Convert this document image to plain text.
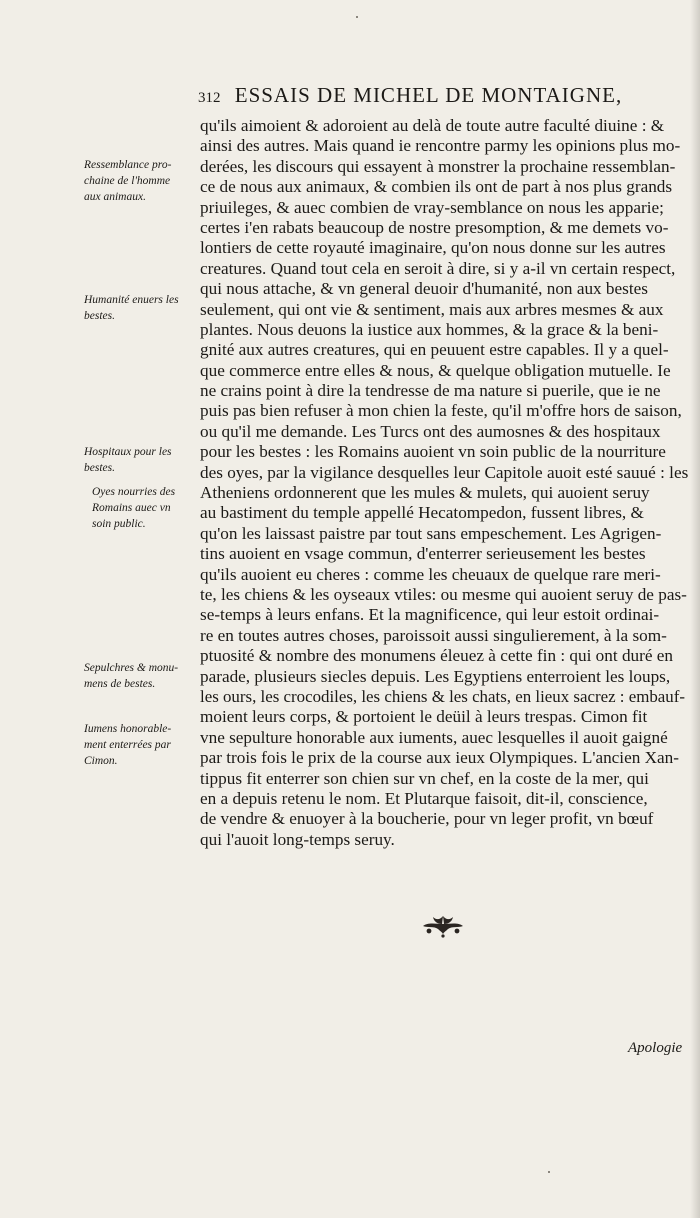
312 ESSAIS DE MICHEL DE MONTAIGNE,
qu'ils aimoient & adoroient au delà de toute autre faculté diuine : &
ainsi des autres. Mais quand ie rencontre parmy les opinions plus mo-
derées, les discours qui essayent à monstrer la prochaine ressemblan-
ce de nous aux animaux, & combien ils ont de part à nos plus grands
priuileges, & auec combien de vray-semblance on nous les apparie;
certes i'en rabats beaucoup de nostre presomption, & me demets vo-
lontiers de cette royauté imaginaire, qu'on nous donne sur les autres
creatures. Quand tout cela en seroit à dire, si y a-il vn certain respect,
qui nous attache, & vn general deuoir d'humanité, non aux bestes
seulement, qui ont vie & sentiment, mais aux arbres mesmes & aux
plantes. Nous deuons la iustice aux hommes, & la grace & la beni-
gnité aux autres creatures, qui en peuuent estre capables. Il y a quel-
que commerce entre elles & nous, & quelque obligation mutuelle. Ie
ne crains point à dire la tendresse de ma nature si puerile, que ie ne
puis pas bien refuser à mon chien la feste, qu'il m'offre hors de saison,
ou qu'il me demande. Les Turcs ont des aumosnes & des hospitaux
pour les bestes : les Romains auoient vn soin public de la nourriture
des oyes, par la vigilance desquelles leur Capitole auoit esté sauué : les
Atheniens ordonnerent que les mules & mulets, qui auoient seruy
au bastiment du temple appellé Hecatompedon, fussent libres, &
qu'on les laissast paistre par tout sans empeschement. Les Agrigen-
tins auoient en vsage commun, d'enterrer serieusement les bestes
qu'ils auoient eu cheres : comme les cheuaux de quelque rare meri-
te, les chiens & les oyseaux vtiles: ou mesme qui auoient seruy de pas-
se-temps à leurs enfans. Et la magnificence, qui leur estoit ordinai-
re en toutes autres choses, paroissoit aussi singulierement, à la som-
ptuosité & nombre des monumens éleuez à cette fin : qui ont duré en
parade, plusieurs siecles depuis. Les Egyptiens enterroient les loups,
les ours, les crocodiles, les chiens & les chats, en lieux sacrez : embauf-
moient leurs corps, & portoient le deüil à leurs trespas. Cimon fit
vne sepulture honorable aux iuments, auec lesquelles il auoit gaigné
par trois fois le prix de la course aux ieux Olympiques. L'ancien Xan-
tippus fit enterrer son chien sur vn chef, en la coste de la mer, qui
en a depuis retenu le nom. Et Plutarque faisoit, dit-il, conscience,
de vendre & enuoyer à la boucherie, pour vn leger profit, vn bœuf
qui l'auoit long-temps seruy.
Ressemblance pro-
chaine de l'homme
aux animaux.
Humanité enuers les
bestes.
Hospitaux pour les
bestes.
Oyes nourries des
Romains auec vn
soin public.
Sepulchres & monu-
mens de bestes.
Iumens honorable-
ment enterrées par
Cimon.
Apologie
